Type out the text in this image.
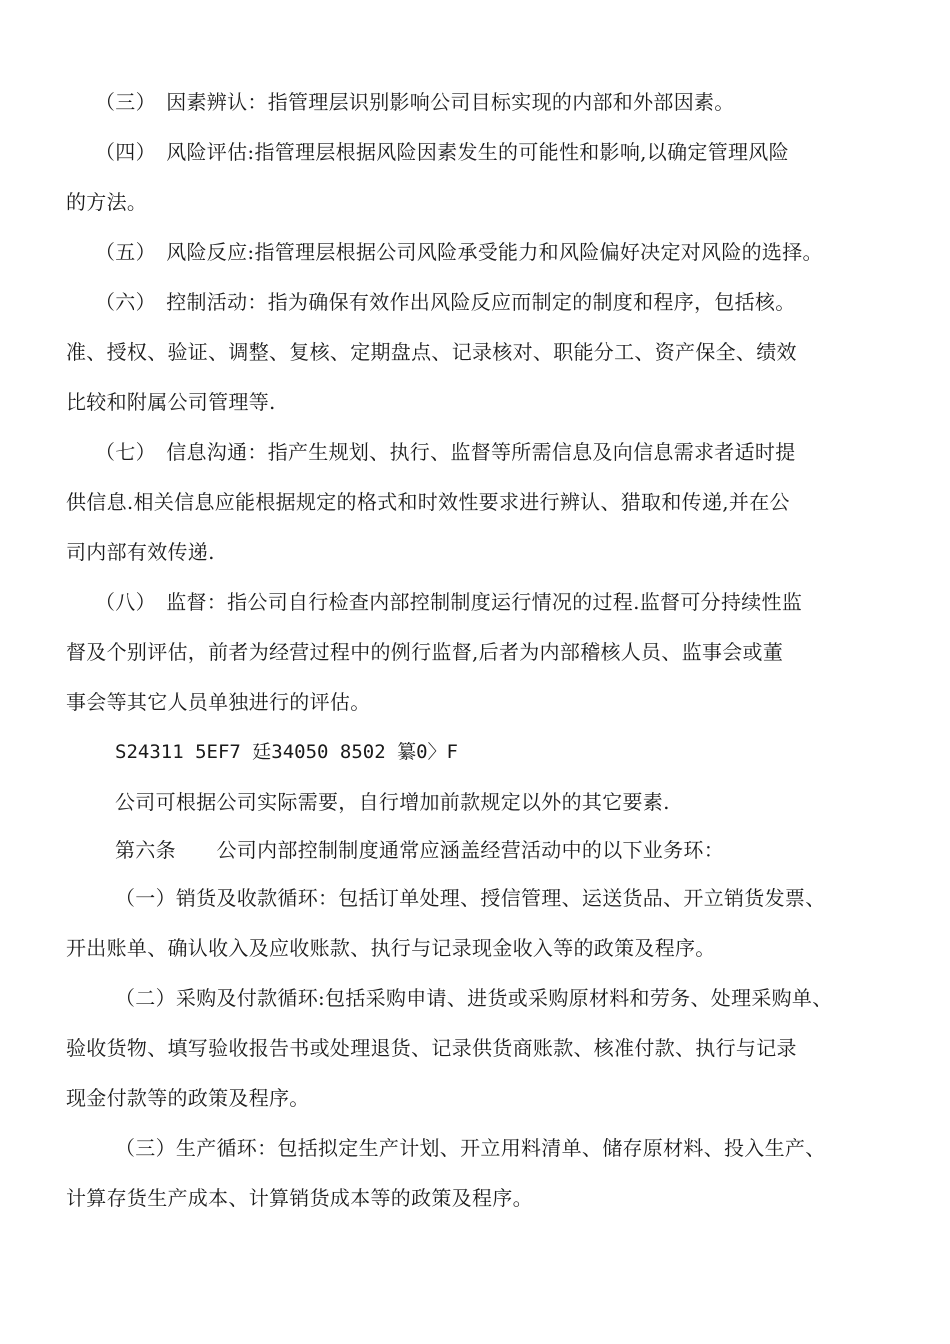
（三）　因素辨认：指管理层识别影响公司目标实现的内部和外部因素。
（四）　风险评估:指管理层根据风险因素发生的可能性和影响,以确定管理风险
的方法。
（五）　风险反应:指管理层根据公司风险承受能力和风险偏好决定对风险的选择。
（六）　控制活动：指为确保有效作出风险反应而制定的制度和程序，包括核。
准、授权、验证、调整、复核、定期盘点、记录核对、职能分工、资产保全、绩效
比较和附属公司管理等.
（七）　信息沟通：指产生规划、执行、监督等所需信息及向信息需求者适时提
供信息.相关信息应能根据规定的格式和时效性要求进行辨认、猎取和传递,并在公
司内部有效传递.
（八）　监督：指公司自行检查内部控制制度运行情况的过程.监督可分持续性监
督及个别评估，前者为经营过程中的例行监督,后者为内部稽核人员、监事会或董
事会等其它人员单独进行的评估。
S24311 5EF7 廷34050 8502 纂0〉F
公司可根据公司实际需要，自行增加前款规定以外的其它要素.
第六条　　公司内部控制制度通常应涵盖经营活动中的以下业务环：
（一）销货及收款循环：包括订单处理、授信管理、运送货品、开立销货发票、
开出账单、确认收入及应收账款、执行与记录现金收入等的政策及程序。
（二）采购及付款循环:包括采购申请、进货或采购原材料和劳务、处理采购单、
验收货物、填写验收报告书或处理退货、记录供货商账款、核准付款、执行与记录
现金付款等的政策及程序。
（三）生产循环：包括拟定生产计划、开立用料清单、储存原材料、投入生产、
计算存货生产成本、计算销货成本等的政策及程序。
